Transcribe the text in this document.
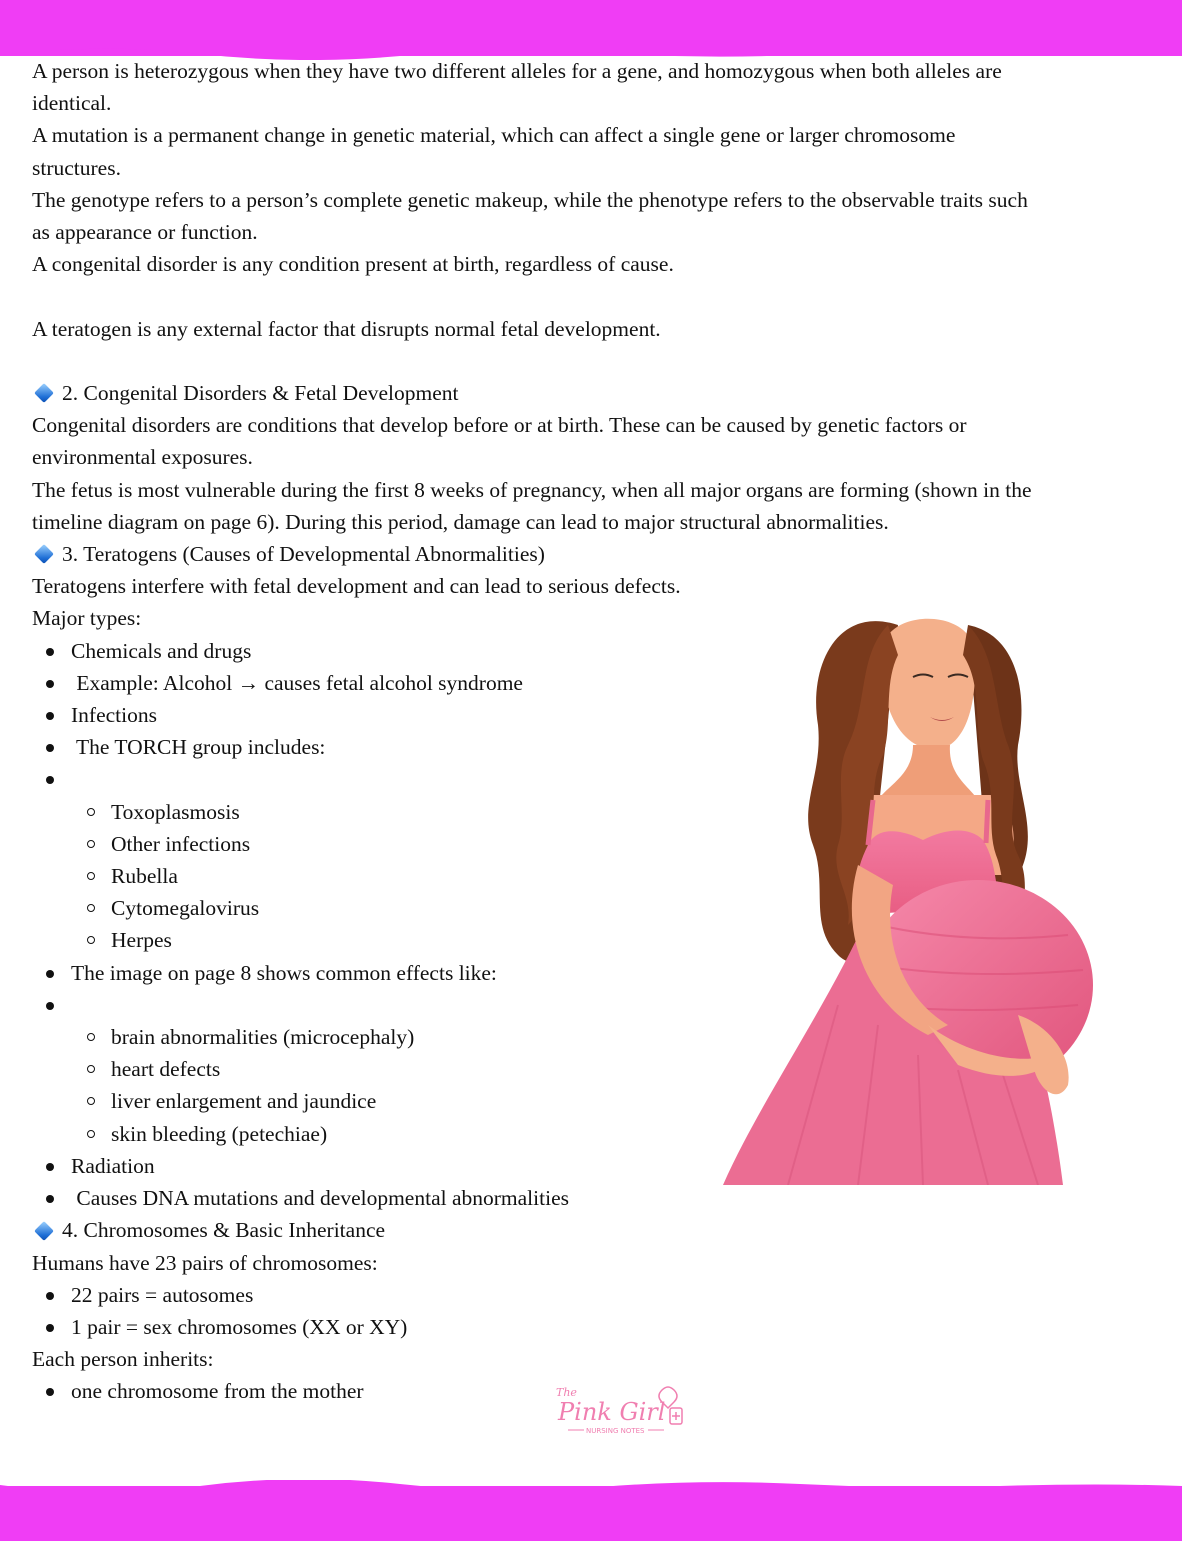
A person is heterozygous when they have two different alleles for a gene, and homozygous when both alleles are

identical.

A mutation is a permanent change in genetic material, which can affect a single gene or larger chromosome

structures.

The genotype refers to a person’s complete genetic makeup, while the phenotype refers to the observable traits such

as appearance or function.

A congenital disorder is any condition present at birth, regardless of cause.

A teratogen is any external factor that disrupts normal fetal development.

2. Congenital Disorders & Fetal Development

Congenital disorders are conditions that develop before or at birth. These can be caused by genetic factors or

environmental exposures.

The fetus is most vulnerable during the first 8 weeks of pregnancy, when all major organs are forming (shown in the

timeline diagram on page 6). During this period, damage can lead to major structural abnormalities.

3. Teratogens (Causes of Developmental Abnormalities)

Teratogens interfere with fetal development and can lead to serious defects.

Major types:

Chemicals and drugs
Example: Alcohol → causes fetal alcohol syndrome
Infections
The TORCH group includes:
Toxoplasmosis
Other infections
Rubella
Cytomegalovirus
Herpes
The image on page 8 shows common effects like:
brain abnormalities (microcephaly)
heart defects
liver enlargement and jaundice
skin bleeding (petechiae)
Radiation
Causes DNA mutations and developmental abnormalities

4. Chromosomes & Basic Inheritance

Humans have 23 pairs of chromosomes:

22 pairs = autosomes
1 pair = sex chromosomes (XX or XY)

Each person inherits:

one chromosome from the mother	The
Pink Girl
NURSING NOTES
